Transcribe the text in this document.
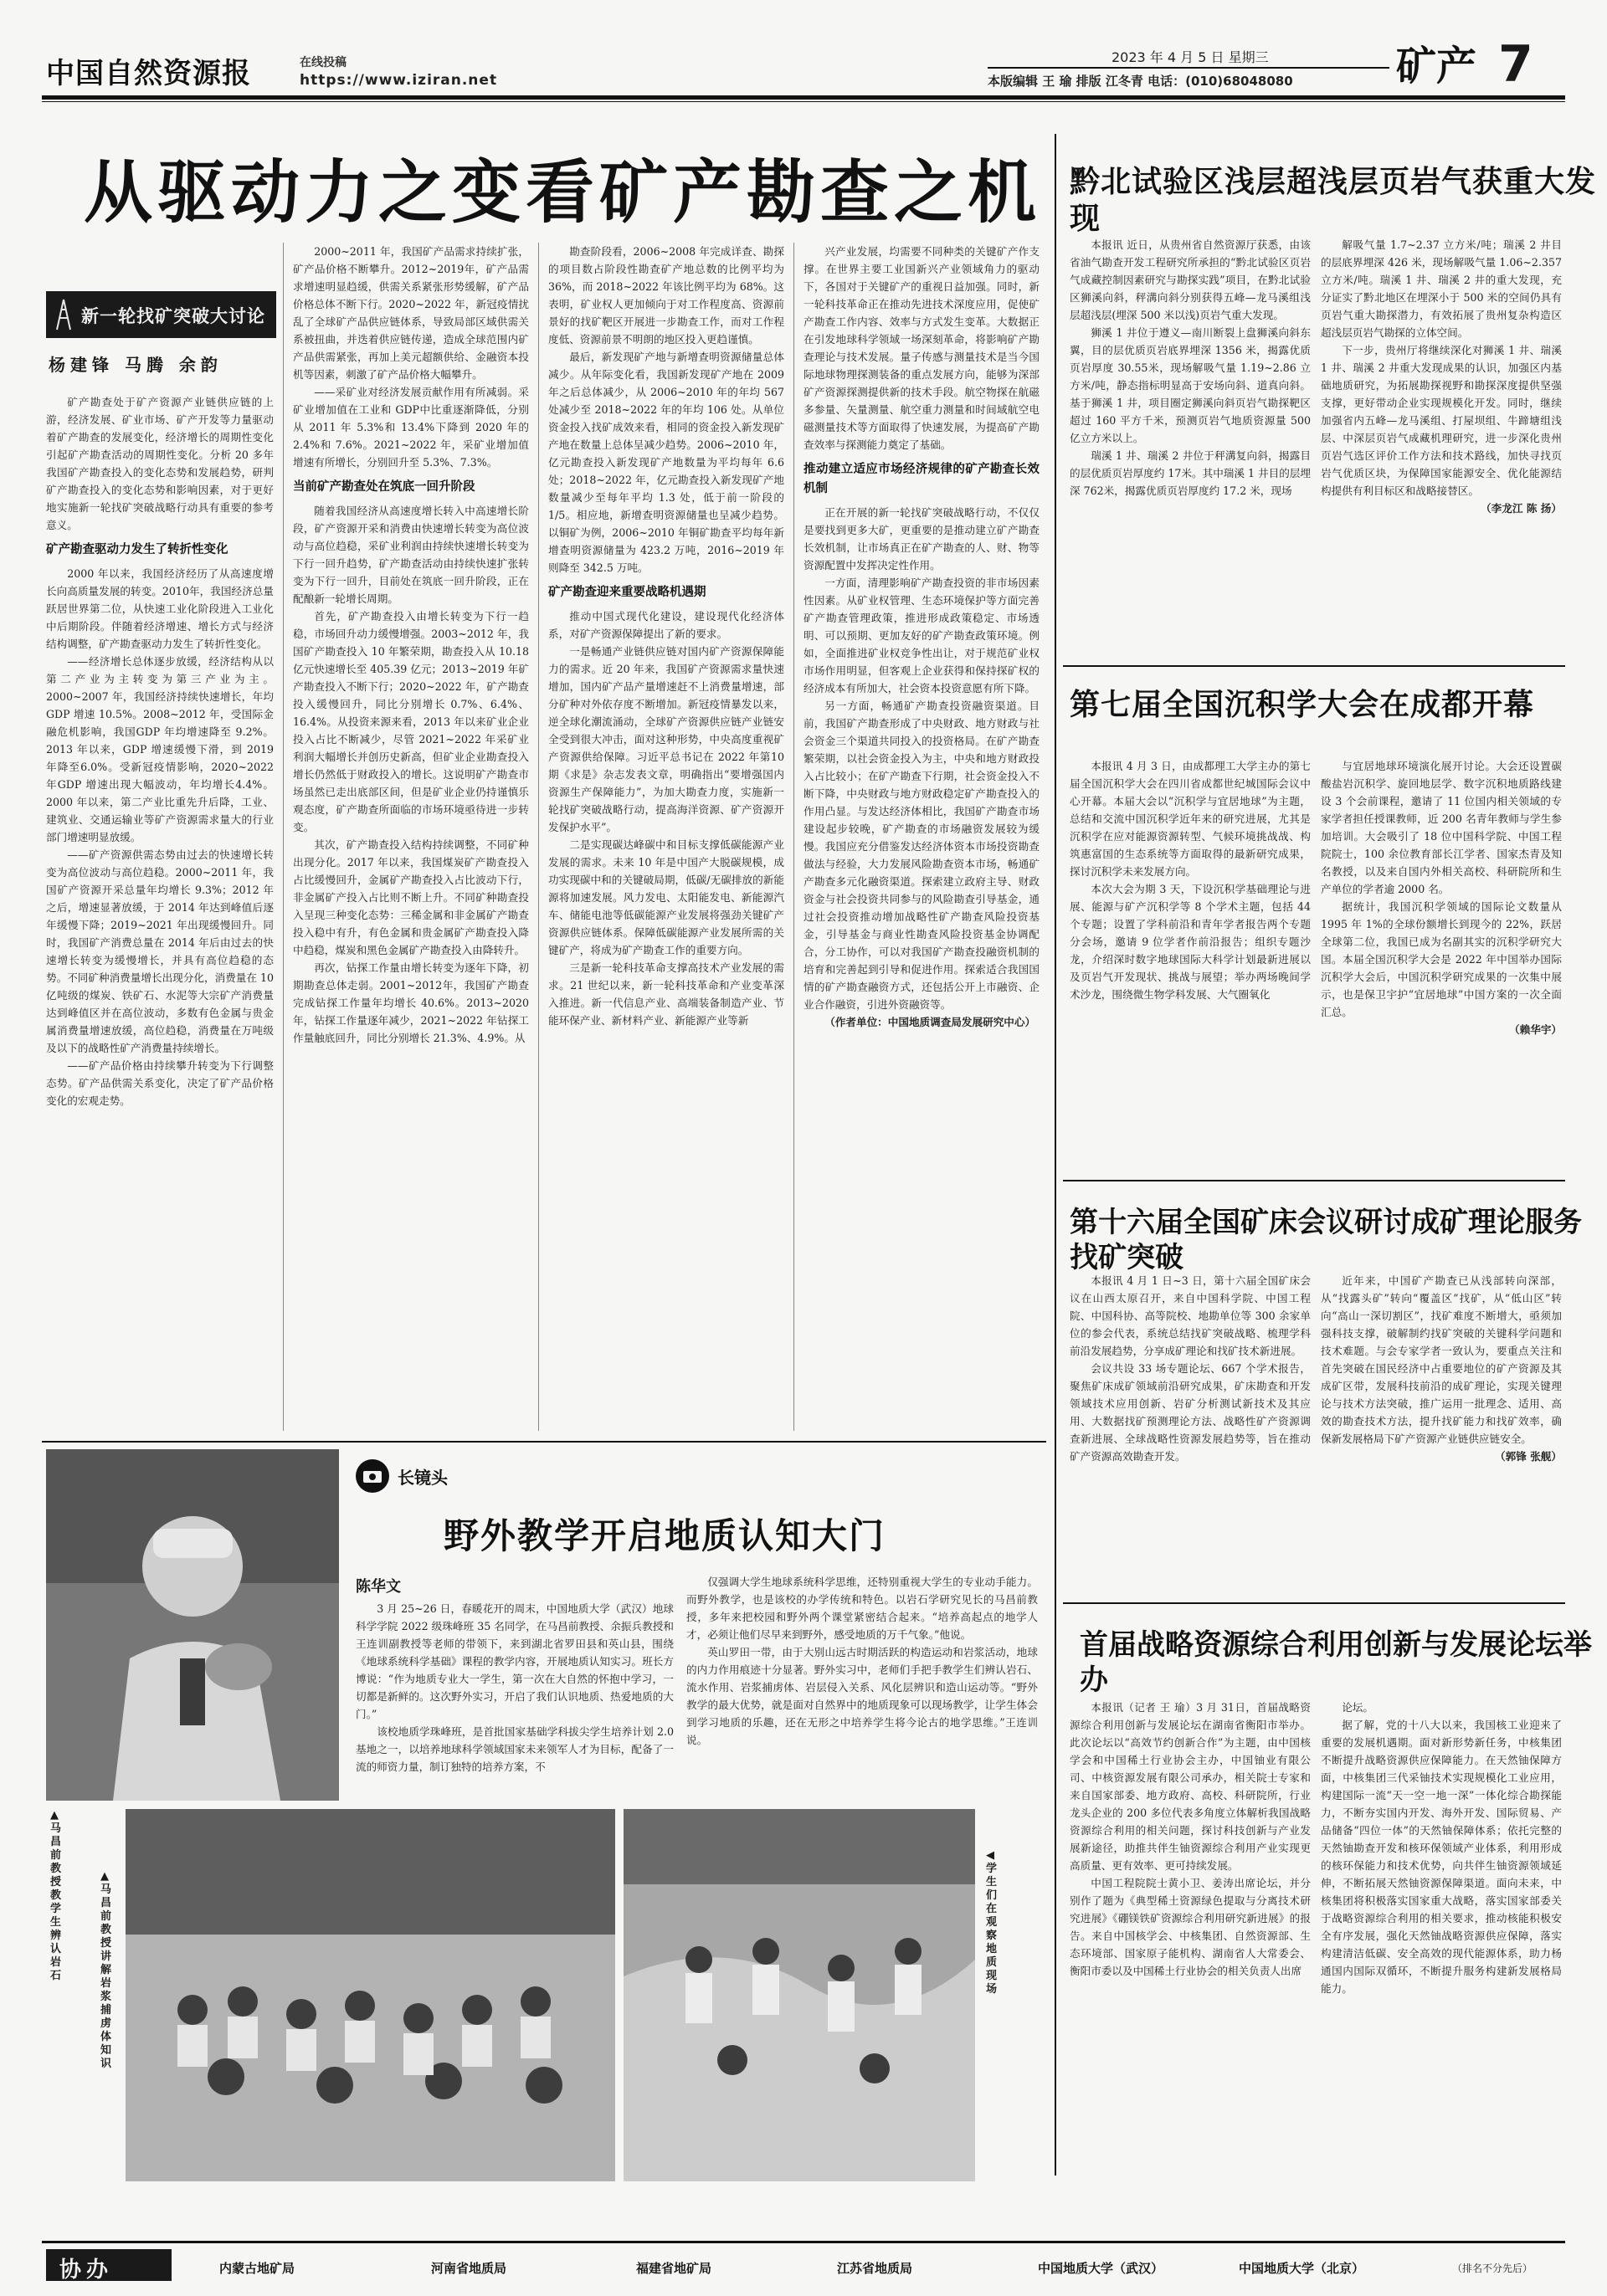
中国自然资源报	在线投稿
https://www.iziran.net
2023 年 4 月 5 日 星期三
本版编辑 王 瑜 排版 江冬青 电话：(010)68048080	矿产 7
从驱动力之变看矿产勘查之机
新一轮找矿突破大讨论
杨建锋 马腾 余韵

矿产勘查处于矿产资源产业链供应链的上游，经济发展、矿业市场、矿产开发等力量驱动着矿产勘查的发展变化，经济增长的周期性变化引起矿产勘查活动的周期性变化。分析 20 多年我国矿产勘查投入的变化态势和发展趋势，研判矿产勘查投入的变化态势和影响因素，对于更好地实施新一轮找矿突破战略行动具有重要的参考意义。

矿产勘查驱动力发生了转折性变化

2000 年以来，我国经济经历了从高速度增长向高质量发展的转变。2010年，我国经济总量跃居世界第二位，从快速工业化阶段进入工业化中后期阶段。伴随着经济增速、增长方式与经济结构调整，矿产勘查驱动力发生了转折性变化。

——经济增长总体逐步放缓，经济结构从以第二产业为主转变为第三产业为主。2000~2007 年，我国经济持续快速增长，年均 GDP 增速 10.5%。2008~2012 年，受国际金融危机影响，我国GDP 年均增速降至 9.2%。2013 年以来，GDP 增速缓慢下滑，到 2019 年降至6.0%。受新冠疫情影响，2020~2022 年GDP 增速出现大幅波动，年均增长4.4%。2000 年以来，第二产业比重先升后降，工业、建筑业、交通运输业等矿产资源需求量大的行业部门增速明显放缓。

——矿产资源供需态势由过去的快速增长转变为高位波动与高位趋稳。2000~2011 年，我国矿产资源开采总量年均增长 9.3%；2012 年之后，增速显著放缓，于 2014 年达到峰值后逐年缓慢下降；2019~2021 年出现缓慢回升。同时，我国矿产消费总量在 2014 年后由过去的快速增长转变为缓慢增长，并具有高位趋稳的态势。不同矿种消费量增长出现分化，消费量在 10 亿吨级的煤炭、铁矿石、水泥等大宗矿产消费量达到峰值区并在高位波动，多数有色金属与贵金属消费量增速放缓，高位趋稳，消费量在万吨级及以下的战略性矿产消费量持续增长。

——矿产品价格由持续攀升转变为下行调整态势。矿产品供需关系变化，决定了矿产品价格变化的宏观走势。

2000~2011 年，我国矿产品需求持续扩张，矿产品价格不断攀升。2012~2019年，矿产品需求增速明显趋缓，供需关系紧张形势缓解，矿产品价格总体不断下行。2020~2022 年，新冠疫情扰乱了全球矿产品供应链体系，导致局部区域供需关系被扭曲，并迭着供应链传递，造成全球范围内矿产品供需紧张，再加上美元超额供给、金融资本投机等因素，刺激了矿产品价格大幅攀升。

——采矿业对经济发展贡献作用有所减弱。采矿业增加值在工业和 GDP中比重逐渐降低，分别从 2011 年 5.3%和 13.4%下降到 2020 年的 2.4%和 7.6%。2021~2022 年，采矿业增加值增速有所增长，分别回升至 5.3%、7.3%。

当前矿产勘查处在筑底一回升阶段

随着我国经济从高速度增长转入中高速增长阶段，矿产资源开采和消费由快速增长转变为高位波动与高位趋稳，采矿业利润由持续快速增长转变为下行一回升趋势，矿产勘查活动由持续快速扩张转变为下行一回升，目前处在筑底一回升阶段，正在配酿新一轮增长周期。

首先，矿产勘查投入由增长转变为下行一趋稳，市场回升动力缓慢增强。2003~2012 年，我国矿产勘查投入 10 年繁荣期，勘查投入从 10.18 亿元快速增长至 405.39 亿元；2013~2019 年矿产勘查投入不断下行；2020~2022 年，矿产勘查投入缓慢回升，同比分别增长 0.7%、6.4%、16.4%。从投资来源来看，2013 年以来矿业企业投入占比不断减少，尽管 2021~2022 年采矿业利润大幅增长并创历史新高，但矿业企业勘查投入增长仍然低于财政投入的增长。这说明矿产勘查市场虽然已走出底部区间，但是矿业企业仍持谨慎乐观态度，矿产勘查所面临的市场环境亟待进一步转变。

其次，矿产勘查投入结构持续调整，不同矿种出现分化。2017 年以来，我国煤炭矿产勘查投入占比缓慢回升，金属矿产勘查投入占比波动下行，非金属矿产投入占比则不断上升。不同矿种勘查投入呈现三种变化态势：三稀金属和非金属矿产勘查投入稳中有升，有色金属和贵金属矿产勘查投入降中趋稳，煤炭和黑色金属矿产勘查投入由降转升。

再次，钻探工作量由增长转变为逐年下降，初期勘查总体走弱。2001~2012年，我国矿产勘查完成钻探工作量年均增长 40.6%。2013~2020 年，钻探工作量逐年减少，2021~2022 年钻探工作量触底回升，同比分别增长 21.3%、4.9%。从

勘查阶段看，2006~2008 年完成详查、勘探的项目数占阶段性勘查矿产地总数的比例平均为 36%，而 2018~2022 年该比例平均为 68%。这表明，矿业权人更加倾向于对工作程度高、资源前景好的找矿靶区开展进一步勘查工作，而对工作程度低、资源前景不明朗的地区投入更趋谨慎。

最后，新发现矿产地与新增查明资源储量总体减少。从年际变化看，我国新发现矿产地在 2009 年之后总体减少，从 2006~2010 年的年均 567 处减少至 2018~2022 年的年均 106 处。从单位资金投入找矿成效来看，相同的资金投入新发现矿产地在数量上总体呈减少趋势。2006~2010 年，亿元勘查投入新发现矿产地数量为平均每年 6.6 处；2018~2022 年，亿元勘查投入新发现矿产地数量减少至每年平均 1.3 处，低于前一阶段的 1/5。相应地，新增查明资源储量也呈减少趋势。以铜矿为例，2006~2010 年铜矿勘查平均每年新增查明资源储量为 423.2 万吨，2016~2019 年则降至 342.5 万吨。

矿产勘查迎来重要战略机遇期

推动中国式现代化建设，建设现代化经济体系，对矿产资源保障提出了新的要求。

一是畅通产业链供应链对国内矿产资源保障能力的需求。近 20 年来，我国矿产资源需求量快速增加，国内矿产品产量增速赶不上消费量增速，部分矿种对外依存度不断增加。新冠疫情暴发以来，逆全球化潮流涌动，全球矿产资源供应链产业链安全受到很大冲击，面对这种形势，中央高度重视矿产资源供给保障。习近平总书记在 2022 年第10 期《求是》杂志发表文章，明确指出“要增强国内资源生产保障能力”，为加大勘查力度，实施新一轮找矿突破战略行动，提高海洋资源、矿产资源开发保护水平”。

二是实现碳达峰碳中和目标支撑低碳能源产业发展的需求。未来 10 年是中国产大脱碳规模，成功实现碳中和的关键破局期，低碳/无碳排放的新能源将加速发展。风力发电、太阳能发电、新能源汽车、储能电池等低碳能源产业发展将强劲关键矿产资源供应链体系。保障低碳能源产业发展所需的关键矿产，将成为矿产勘查工作的重要方向。

三是新一轮科技革命支撑高技术产业发展的需求。21 世纪以来，新一轮科技革命和产业变革深入推进。新一代信息产业、高端装备制造产业、节能环保产业、新材料产业、新能源产业等新

兴产业发展，均需要不同种类的关键矿产作支撑。在世界主要工业国新兴产业领域角力的驱动下，各国对于关键矿产的重视日益加强。同时，新一轮科技革命正在推动先进技术深度应用，促使矿产勘查工作内容、效率与方式发生变革。大数据正在引发地球科学领域一场深刻革命，将影响矿产勘查理论与技术发展。量子传感与测量技术是当今国际地球物理探测装备的重点发展方向，能够为深部矿产资源探测提供新的技术手段。航空物探在航磁多参量、矢量测量、航空重力测量和时间域航空电磁测量技术等方面取得了快速发展，为提高矿产勘查效率与探测能力奠定了基础。

推动建立适应市场经济规律的矿产勘查长效机制

正在开展的新一轮找矿突破战略行动，不仅仅是要找到更多大矿，更重要的是推动建立矿产勘查长效机制，让市场真正在矿产勘查的人、财、物等资源配置中发挥决定性作用。

一方面，清理影响矿产勘查投资的非市场因素性因素。从矿业权管理、生态环境保护等方面完善矿产勘查管理政策，推进形成政策稳定、市场透明、可以预期、更加友好的矿产勘查政策环境。例如，全面推进矿业权竞争性出让，对于规范矿业权市场作用明显，但客观上企业获得和保持探矿权的经济成本有所加大，社会资本投资意愿有所下降。

另一方面，畅通矿产勘查投资融资渠道。目前，我国矿产勘查形成了中央财政、地方财政与社会资金三个渠道共同投入的投资格局。在矿产勘查繁荣期，以社会资金投入为主，中央和地方财政投入占比较小；在矿产勘查下行期，社会资金投入不断下降，中央财政与地方财政稳定矿产勘查投入的作用凸显。与发达经济体相比，我国矿产勘查市场建设起步较晚，矿产勘查的市场融资发展较为缓慢。我国应充分借鉴发达经济体资本市场投资勘查做法与经验，大力发展风险勘查资本市场，畅通矿产勘查多元化融资渠道。探索建立政府主导、财政资金与社会投资共同参与的风险勘查引导基金，通过社会投资推动增加战略性矿产勘查风险投资基金，引导基金与商业性勘查风险投资基金协调配合，分工协作，可以对我国矿产勘查投融资机制的培育和完善起到引导和促进作用。探索适合我国国情的矿产勘查融资方式，还包括公开上市融资、企业合作融资，引进外资融资等。

（作者单位：中国地质调查局发展研究中心）

黔北试验区浅层超浅层页岩气获重大发现

本报讯 近日，从贵州省自然资源厅获悉，由该省油气勘查开发工程研究所承担的“黔北试验区页岩气成藏控制因素研究与勘探实践”项目，在黔北试验区狮溪向斜，秤溝向斜分别获得五峰—龙马溪组浅层超浅层(埋深 500 米以浅)页岩气重大发现。

狮溪 1 井位于遵义—南川断裂上盘狮溪向斜东翼，目的层优质页岩底界埋深 1356 米，揭露优质页岩厚度 30.55米，现场解吸气量 1.19~2.86 立方米/吨，静态指标明显高于安场向斜、道真向斜。基于狮溪 1 井，项目圈定狮溪向斜页岩气勘探靶区超过 160 平方千米，预测页岩气地质资源量 500 亿立方米以上。

瑞溪 1 井、瑞溪 2 井位于秤溝复向斜，揭露目的层优质页岩厚度约 17米。其中瑞溪 1 井目的层埋深 762米，揭露优质页岩厚度约 17.2 米，现场

解吸气量 1.7~2.37 立方米/吨；瑞溪 2 井目的层底界埋深 426 米，现场解吸气量 1.06~2.357 立方米/吨。瑞溪 1 井、瑞溪 2 井的重大发现，充分证实了黔北地区在埋深小于 500 米的空间仍具有页岩气重大勘探潜力，有效拓展了贵州复杂构造区超浅层页岩气勘探的立体空间。

下一步，贵州厅将继续深化对狮溪 1 井、瑞溪 1 井、瑞溪 2 井重大发现成果的认识，加强区内基础地质研究，为拓展勘探视野和勘探深度提供坚强支撑，更好带动企业实现规模化开发。同时，继续加强省内五峰—龙马溪组、打屋坝组、牛蹄塘组浅层、中深层页岩气成藏机理研究，进一步深化贵州页岩气选区评价工作方法和技术路线，加快寻找页岩气优质区块，为保障国家能源安全、优化能源结构提供有利目标区和战略接替区。

（李龙江 陈 扬）

第七届全国沉积学大会在成都开幕

本报讯 4 月 3 日，由成都理工大学主办的第七届全国沉积学大会在四川省成都世纪城国际会议中心开幕。本届大会以“沉积学与宜居地球”为主题，总结和交流中国沉积学近年来的研究进展，尤其是沉积学在应对能源资源转型、气候环境挑战战、构筑惠富国的生态系统等方面取得的最新研究成果，探讨沉积学未来发展方向。

本次大会为期 3 天，下设沉积学基础理论与进展、能源与矿产沉积学等 8 个学术主题，包括 44 个专题；设置了学科前沿和青年学者报告两个专题分会场，邀请 9 位学者作前沿报告；组织专题沙龙，介绍深时数字地球国际大科学计划最新进展以及页岩气开发现状、挑战与展望；举办两场晚间学术沙龙，围绕微生物学科发展、大气圈氧化

与宜居地球环境演化展开讨论。大会还设置碳酸盐岩沉积学、旋回地层学、数字沉积地质路线建设 3 个会前课程，邀请了 11 位国内相关领域的专家学者担任授课教师，近 200 名青年教师与学生参加培训。大会吸引了 18 位中国科学院、中国工程院院士，100 余位教育部长江学者、国家杰青及知名教授，以及来自国内外相关高校、科研院所和生产单位的学者逾 2000 名。

据统计，我国沉积学领域的国际论文数量从 1995 年 1%的全球份额增长到现今的 22%，跃居全球第二位，我国已成为名副其实的沉积学研究大国。本届全国沉积学大会是 2022 年中国举办国际沉积学大会后，中国沉积学研究成果的一次集中展示，也是保卫宇护“宜居地球”中国方案的一次全面汇总。

（赖华宇）

第十六届全国矿床会议研讨成矿理论服务找矿突破

本报讯 4 月 1 日~3 日，第十六届全国矿床会议在山西太原召开，来自中国科学院、中国工程院、中国科协、高等院校、地勘单位等 300 余家单位的参会代表，系统总结找矿突破战略、梳理学科前沿发展趋势，分享成矿理论和找矿技术新进展。

会议共设 33 场专题论坛、667 个学术报告，聚焦矿床成矿领域前沿研究成果，矿床勘查和开发领域技术应用创新、岩矿分析测试新技术及其应用、大数据找矿预测理论方法、战略性矿产资源调查新进展、全球战略性资源发展趋势等，旨在推动矿产资源高效勘查开发。

近年来，中国矿产勘查已从浅部转向深部，从“找露头矿”转向“覆盖区”找矿，从“低山区”转向“高山一深切割区”，找矿难度不断增大，亟须加强科技支撑，破解制约找矿突破的关键科学问题和技术难题。与会专家学者一致认为，要重点关注和首先突破在国民经济中占重要地位的矿产资源及其成矿区带，发展科技前沿的成矿理论，实现关键理论与技术方法突破，推广运用一批理念、适用、高效的勘查技术方法，提升找矿能力和找矿效率，确保新发展格局下矿产资源产业链供应链安全。

（郭锋 张舰）

首届战略资源综合利用创新与发展论坛举办

本报讯（记者 王 瑜）3 月 31日，首届战略资源综合利用创新与发展论坛在湖南省衡阳市举办。此次论坛以“高效节约创新合作”为主题，由中国核学会和中国稀土行业协会主办，中国铀业有限公司、中核资源发展有限公司承办，相关院士专家和来自国家部委、地方政府、高校、科研院所，行业龙头企业的 200 多位代表多角度立体解析我国战略资源综合利用的相关问题，探讨科技创新与产业发展新途径，助推共伴生铀资源综合利用产业实现更高质量、更有效率、更可持续发展。

中国工程院院士黄小卫、姜涛出席论坛，并分别作了题为《典型稀土资源绿色提取与分离技术研究进展》《硼镁铁矿资源综合利用研究新进展》的报告。来自中国核学会、中核集团、自然资源部、生态环境部、国家原子能机构、湖南省人大常委会、衡阳市委以及中国稀土行业协会的相关负责人出席

论坛。

据了解，党的十八大以来，我国核工业迎来了重要的发展机遇期。面对新形势新任务，中核集团不断提升战略资源供应保障能力。在天然铀保障方面，中核集团三代采铀技术实现规模化工业应用，构建国际一流“天一空一地一深”一体化综合勘探能力，不断夯实国内开发、海外开发、国际贸易、产品储备“四位一体”的天然铀保障体系；依托完整的天然铀勘查开发和核环保领域产业体系，利用形成的核环保能力和技术优势，向共伴生铀资源领域延伸，不断拓展天然铀资源保障渠道。面向未来，中核集团将积极落实国家重大战略，落实国家部委关于战略资源综合利用的相关要求，推动核能积极安全有序发展，强化天然铀战略资源供应保障，落实构建清洁低碳、安全高效的现代能源体系，助力杨通国内国际双循环，不断提升服务构建新发展格局能力。

长镜头
野外教学开启地质认知大门
陈华文

3 月 25~26 日，春暖花开的周末，中国地质大学（武汉）地球科学学院 2022 级珠峰班 35 名同学，在马昌前教授、余振兵教授和王连训副教授等老师的带领下，来到湖北省罗田县和英山县，围绕《地球系统科学基础》课程的教学内容，开展地质认知实习。班长方博说：“作为地质专业大一学生，第一次在大自然的怀抱中学习，一切都是新鲜的。这次野外实习，开启了我们认识地质、热爱地质的大门。”

该校地质学珠峰班，是首批国家基础学科拔尖学生培养计划 2.0 基地之一，以培养地球科学领域国家未来领军人才为目标，配备了一流的师资力量，制订独特的培养方案，不

仅强调大学生地球系统科学思维，还特别重视大学生的专业动手能力。而野外教学，也是该校的办学传统和特色。以岩石学研究见长的马昌前教授，多年来把校园和野外两个课堂紧密结合起来。“培养高起点的地学人才，必须让他们尽早来到野外，感受地质的万千气象。”他说。

英山罗田一带，由于大别山远古时期活跃的构造运动和岩浆活动，地球的内力作用痕迹十分显著。野外实习中，老师们手把手教学生们辨认岩石、流水作用、岩浆捕虏体、岩层侵入关系、风化层辨识和造山运动等。“野外教学的最大优势，就是面对自然界中的地质现象可以现场教学，让学生体会到学习地质的乐趣，还在无形之中培养学生将今论古的地学思维。”王连训说。

▲马昌前教授教学生辨认岩石
▲马昌前教授讲解岩浆捕虏体知识
◀学生们在观察地质现场
协办	内蒙古地矿局	河南省地质局	福建省地矿局	江苏省地质局	中国地质大学（武汉）	中国地质大学（北京）	（排名不分先后）
